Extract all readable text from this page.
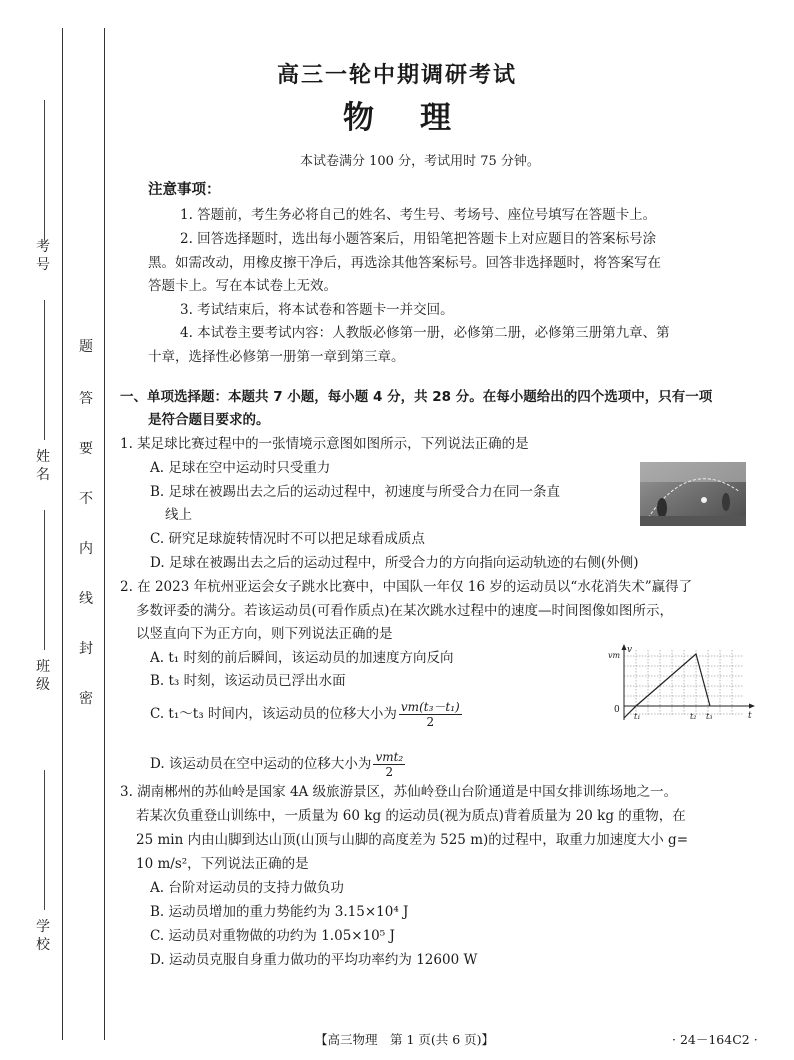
考号
姓名
班级
学校
题
答
要
不
内
线
封
密
高三一轮中期调研考试
物理
本试卷满分 100 分，考试用时 75 分钟。
注意事项：
1. 答题前，考生务必将自己的姓名、考生号、考场号、座位号填写在答题卡上。
2. 回答选择题时，选出每小题答案后，用铅笔把答题卡上对应题目的答案标号涂
黑。如需改动，用橡皮擦干净后，再选涂其他答案标号。回答非选择题时，将答案写在
答题卡上。写在本试卷上无效。
3. 考试结束后，将本试卷和答题卡一并交回。
4. 本试卷主要考试内容：人教版必修第一册，必修第二册，必修第三册第九章、第
十章，选择性必修第一册第一章到第三章。
一、单项选择题：本题共 7 小题，每小题 4 分，共 28 分。在每小题给出的四个选项中，只有一项
是符合题目要求的。
1. 某足球比赛过程中的一张情境示意图如图所示，下列说法正确的是
A. 足球在空中运动时只受重力
B. 足球在被踢出去之后的运动过程中，初速度与所受合力在同一条直
线上
C. 研究足球旋转情况时不可以把足球看成质点
D. 足球在被踢出去之后的运动过程中，所受合力的方向指向运动轨迹的右侧(外侧)
2. 在 2023 年杭州亚运会女子跳水比赛中，中国队一年仅 16 岁的运动员以“水花消失术”赢得了
多数评委的满分。若该运动员(可看作质点)在某次跳水过程中的速度—时间图像如图所示，
以竖直向下为正方向，则下列说法正确的是
A. t₁ 时刻的前后瞬间，该运动员的加速度方向反向
B. t₃ 时刻，该运动员已浮出水面
C. t₁～t₃ 时间内，该运动员的位移大小为 $\frac{\text{vm(t₃－t₁)}}{2}$
D. 该运动员在空中运动的位移大小为 $\frac{\text{vmt₂}}{2}$
v
vm
0
t
t₁	t₂ t₃
3. 湖南郴州的苏仙岭是国家 4A 级旅游景区，苏仙岭登山台阶通道是中国女排训练场地之一。
若某次负重登山训练中，一质量为 60 kg 的运动员(视为质点)背着质量为 20 kg 的重物，在
25 min 内由山脚到达山顶(山顶与山脚的高度差为 525 m)的过程中，取重力加速度大小 g=
10 m/s²，下列说法正确的是
A. 台阶对运动员的支持力做负功
B. 运动员增加的重力势能约为 3.15×10⁴ J
C. 运动员对重物做的功约为 1.05×10⁵ J
D. 运动员克服自身重力做功的平均功率约为 12600 W
【高三物理　第 1 页(共 6 页)】	· 24－164C2 ·
